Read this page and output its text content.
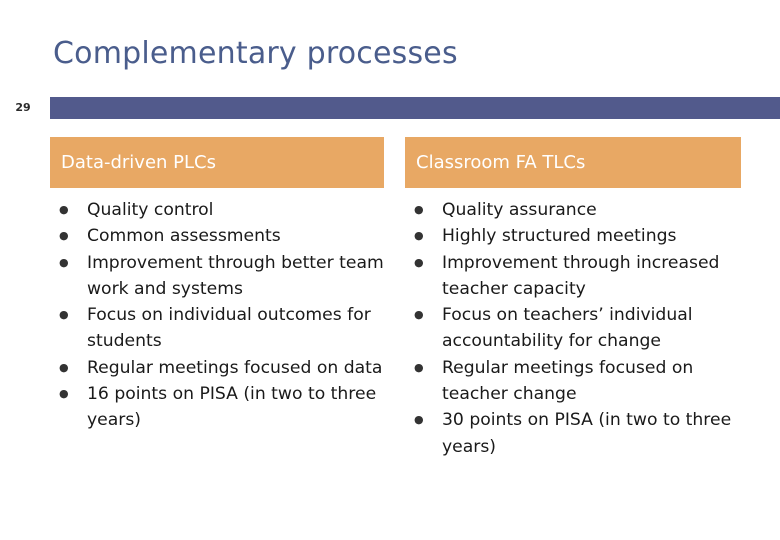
Complementary processes
29
Data-driven PLCs
● Quality control
● Common assessments
● Improvement through better team work and systems
● Focus on individual outcomes for students
● Regular meetings focused on data
● 16 points on PISA (in two to three years)
Classroom FA TLCs
● Quality assurance
● Highly structured meetings
● Improvement through increased teacher capacity
● Focus on teachers’ individual accountability for change
● Regular meetings focused on teacher change
● 30 points on PISA (in two to three years)
